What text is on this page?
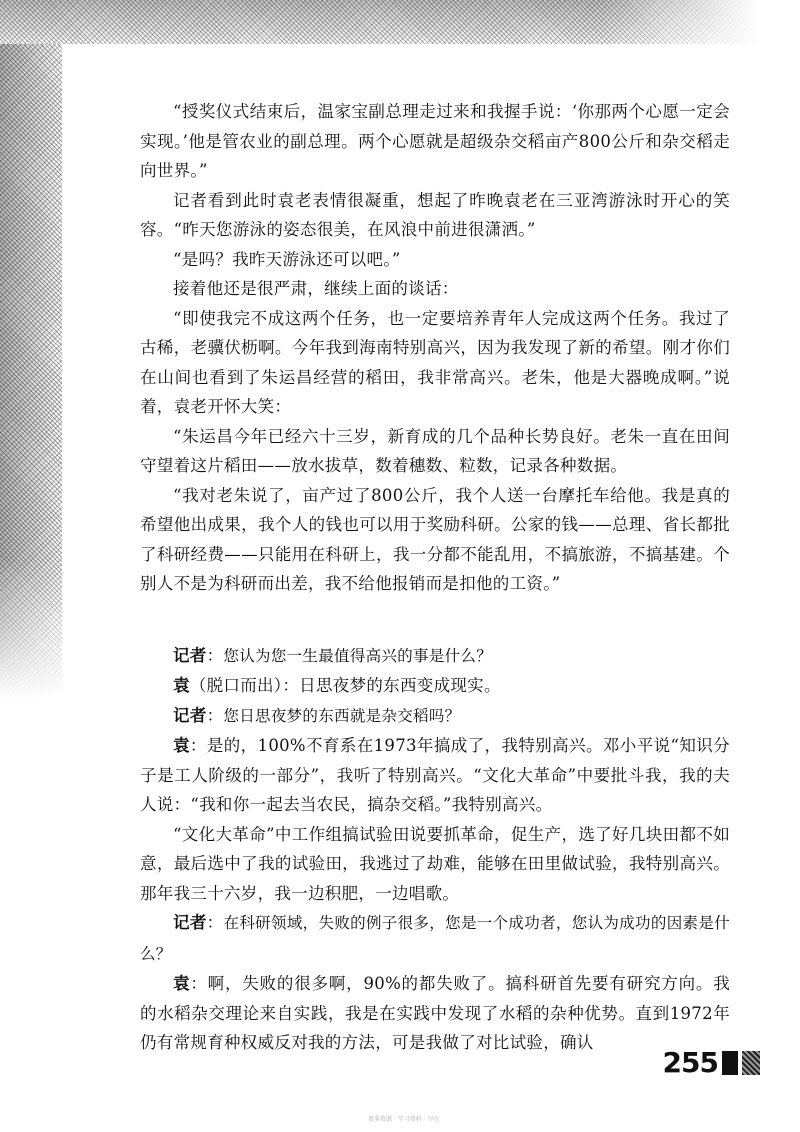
“授奖仪式结束后，温家宝副总理走过来和我握手说：‘你那两个心愿一定会实现。’他是管农业的副总理。两个心愿就是超级杂交稻亩产800公斤和杂交稻走向世界。”

记者看到此时袁老表情很凝重，想起了昨晚袁老在三亚湾游泳时开心的笑容。“昨天您游泳的姿态很美，在风浪中前进很潇洒。”

“是吗？我昨天游泳还可以吧。”

接着他还是很严肃，继续上面的谈话：

“即使我完不成这两个任务，也一定要培养青年人完成这两个任务。我过了古稀，老骥伏枥啊。今年我到海南特别高兴，因为我发现了新的希望。刚才你们在山间也看到了朱运昌经营的稻田，我非常高兴。老朱，他是大器晚成啊。”说着，袁老开怀大笑：

“朱运昌今年已经六十三岁，新育成的几个品种长势良好。老朱一直在田间守望着这片稻田——放水拔草，数着穗数、粒数，记录各种数据。

“我对老朱说了，亩产过了800公斤，我个人送一台摩托车给他。我是真的希望他出成果，我个人的钱也可以用于奖励科研。公家的钱——总理、省长都批了科研经费——只能用在科研上，我一分都不能乱用，不搞旅游，不搞基建。个别人不是为科研而出差，我不给他报销而是扣他的工资。”

记者：您认为您一生最值得高兴的事是什么？

袁（脱口而出）：日思夜梦的东西变成现实。

记者：您日思夜梦的东西就是杂交稻吗？

袁：是的，100%不育系在1973年搞成了，我特别高兴。邓小平说“知识分子是工人阶级的一部分”，我听了特别高兴。“文化大革命”中要批斗我，我的夫人说：“我和你一起去当农民，搞杂交稻。”我特别高兴。

“文化大革命”中工作组搞试验田说要抓革命，促生产，选了好几块田都不如意，最后选中了我的试验田，我逃过了劫难，能够在田里做试验，我特别高兴。那年我三十六岁，我一边积肥，一边唱歌。

记者：在科研领域，失败的例子很多，您是一个成功者，您认为成功的因素是什么？

袁：啊，失败的很多啊，90%的都失败了。搞科研首先要有研究方向。我的水稻杂交理论来自实践，我是在实践中发现了水稻的杂种优势。直到1972年仍有常规育种权威反对我的方法，可是我做了对比试验，确认

255
更多资源 · 学习资料 · 尽在
